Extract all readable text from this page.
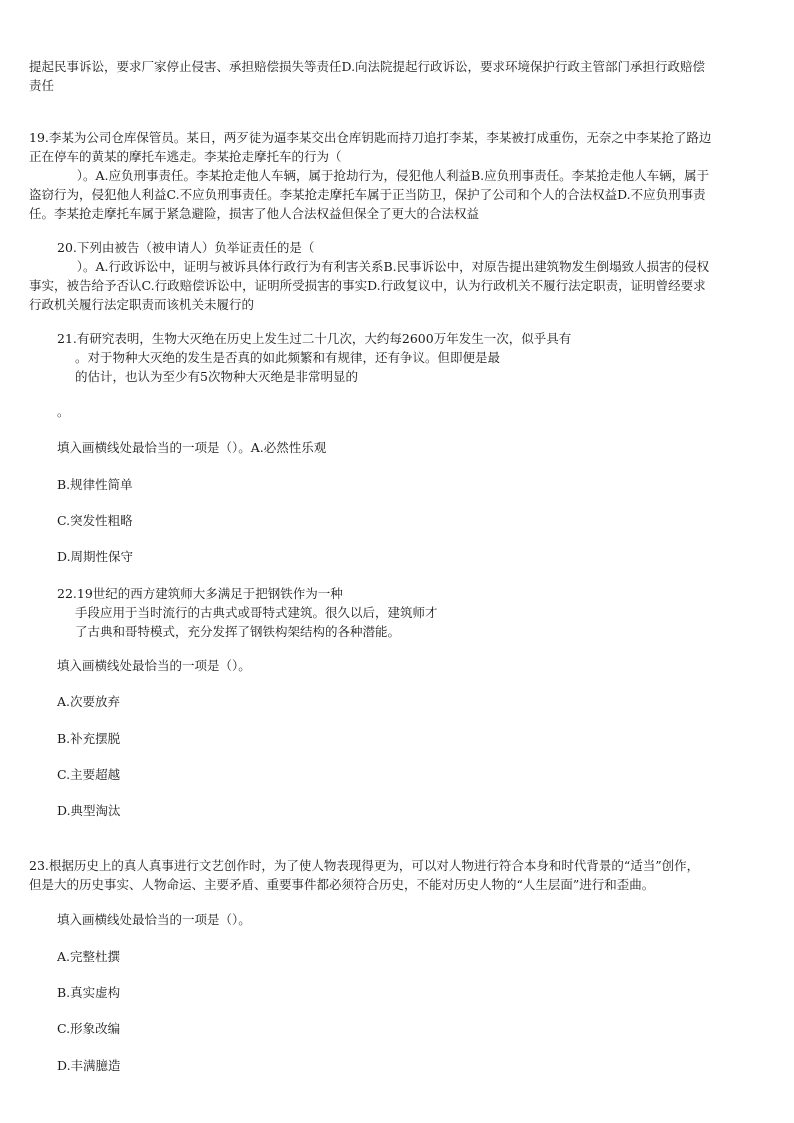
提起民事诉讼，要求厂家停止侵害、承担赔偿损失等责任D.向法院提起行政诉讼，要求环境保护行政主管部门承担行政赔偿
责任
19.李某为公司仓库保管员。某日，两歹徒为逼李某交出仓库钥匙而持刀追打李某，李某被打成重伤，无奈之中李某抢了路边
正在停车的黄某的摩托车逃走。李某抢走摩托车的行为（
）。A.应负刑事责任。李某抢走他人车辆，属于抢劫行为，侵犯他人利益B.应负刑事责任。李某抢走他人车辆，属于
盗窃行为，侵犯他人利益C.不应负刑事责任。李某抢走摩托车属于正当防卫，保护了公司和个人的合法权益D.不应负刑事责
任。李某抢走摩托车属于紧急避险，损害了他人合法权益但保全了更大的合法权益
20.下列由被告（被申请人）负举证责任的是（
）。A.行政诉讼中，证明与被诉具体行政行为有利害关系B.民事诉讼中，对原告提出建筑物发生倒塌致人损害的侵权
事实，被告给予否认C.行政赔偿诉讼中，证明所受损害的事实D.行政复议中，认为行政机关不履行法定职责，证明曾经要求
行政机关履行法定职责而该机关未履行的
21.有研究表明，生物大灭绝在历史上发生过二十几次，大约每2600万年发生一次，似乎具有
。对于物种大灭绝的发生是否真的如此频繁和有规律，还有争议。但即便是最
的估计，也认为至少有5次物种大灭绝是非常明显的
。
填入画横线处最恰当的一项是（）。A.必然性乐观
B.规律性简单
C.突发性粗略
D.周期性保守
22.19世纪的西方建筑师大多满足于把钢铁作为一种
手段应用于当时流行的古典式或哥特式建筑。很久以后，建筑师才
了古典和哥特模式，充分发挥了钢铁构架结构的各种潜能。
填入画横线处最恰当的一项是（）。
A.次要放弃
B.补充摆脱
C.主要超越
D.典型淘汰
23.根据历史上的真人真事进行文艺创作时，为了使人物表现得更为，可以对人物进行符合本身和时代背景的“适当”创作，
但是大的历史事实、人物命运、主要矛盾、重要事件都必须符合历史，不能对历史人物的“人生层面”进行和歪曲。
填入画横线处最恰当的一项是（）。
A.完整杜撰
B.真实虚构
C.形象改编
D.丰满臆造
